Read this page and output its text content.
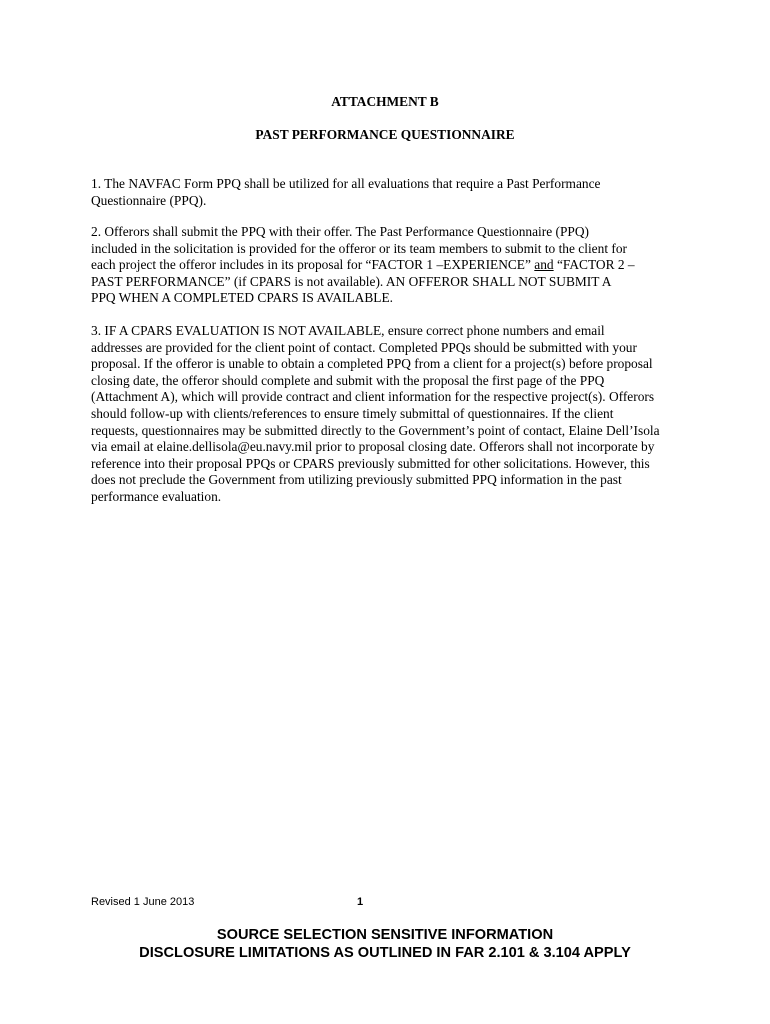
ATTACHMENT B
PAST PERFORMANCE QUESTIONNAIRE
1. The NAVFAC Form PPQ shall be utilized for all evaluations that require a Past Performance
Questionnaire (PPQ).
2. Offerors shall submit the PPQ with their offer. The Past Performance Questionnaire (PPQ)
included in the solicitation is provided for the offeror or its team members to submit to the client for
each project the offeror includes in its proposal for “FACTOR 1 –EXPERIENCE” and “FACTOR 2 –
PAST PERFORMANCE” (if CPARS is not available). AN OFFEROR SHALL NOT SUBMIT A
PPQ WHEN A COMPLETED CPARS IS AVAILABLE.
3. IF A CPARS EVALUATION IS NOT AVAILABLE, ensure correct phone numbers and email
addresses are provided for the client point of contact. Completed PPQs should be submitted with your
proposal. If the offeror is unable to obtain a completed PPQ from a client for a project(s) before proposal
closing date, the offeror should complete and submit with the proposal the first page of the PPQ
(Attachment A), which will provide contract and client information for the respective project(s). Offerors
should follow-up with clients/references to ensure timely submittal of questionnaires. If the client
requests, questionnaires may be submitted directly to the Government’s point of contact, Elaine Dell’Isola
via email at elaine.dellisola@eu.navy.mil prior to proposal closing date. Offerors shall not incorporate by
reference into their proposal PPQs or CPARS previously submitted for other solicitations. However, this
does not preclude the Government from utilizing previously submitted PPQ information in the past
performance evaluation.
Revised 1 June 2013	1
SOURCE SELECTION SENSITIVE INFORMATION
DISCLOSURE LIMITATIONS AS OUTLINED IN FAR 2.101 & 3.104 APPLY
